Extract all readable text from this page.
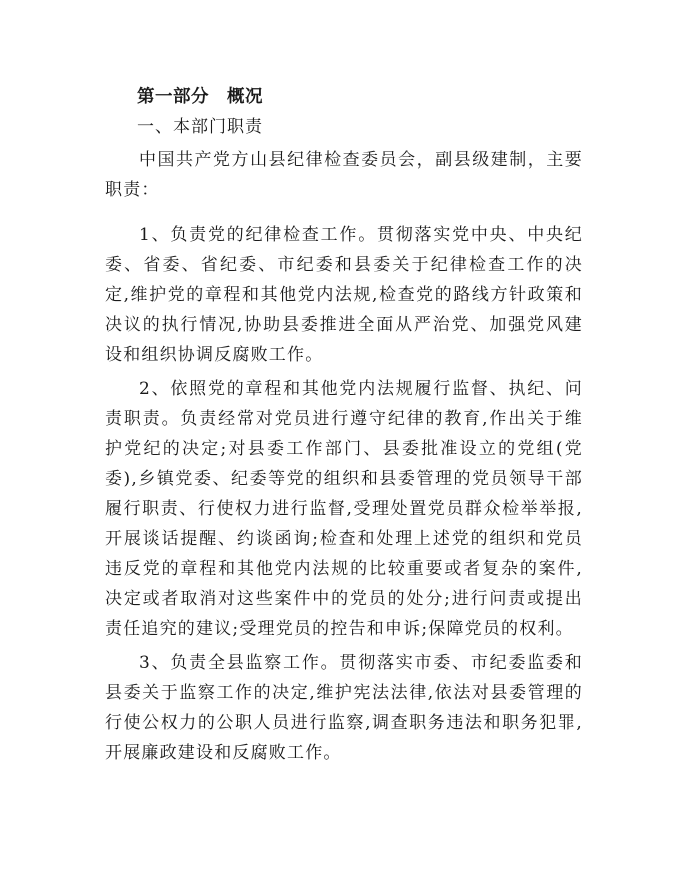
第一部分　概况

一、本部门职责

中国共产党方山县纪律检查委员会，副县级建制，主要职责：

1、负责党的纪律检查工作。贯彻落实党中央、中央纪委、省委、省纪委、市纪委和县委关于纪律检查工作的决定,维护党的章程和其他党内法规,检查党的路线方针政策和决议的执行情况,协助县委推进全面从严治党、加强党风建设和组织协调反腐败工作。

2、依照党的章程和其他党内法规履行监督、执纪、问责职责。负责经常对党员进行遵守纪律的教育,作出关于维护党纪的决定;对县委工作部门、县委批准设立的党组(党委),乡镇党委、纪委等党的组织和县委管理的党员领导干部履行职责、行使权力进行监督,受理处置党员群众检举举报,开展谈话提醒、约谈函询;检查和处理上述党的组织和党员违反党的章程和其他党内法规的比较重要或者复杂的案件,决定或者取消对这些案件中的党员的处分;进行问责或提出责任追究的建议;受理党员的控告和申诉;保障党员的权利。

3、负责全县监察工作。贯彻落实市委、市纪委监委和县委关于监察工作的决定,维护宪法法律,依法对县委管理的行使公权力的公职人员进行监察,调查职务违法和职务犯罪,开展廉政建设和反腐败工作。
